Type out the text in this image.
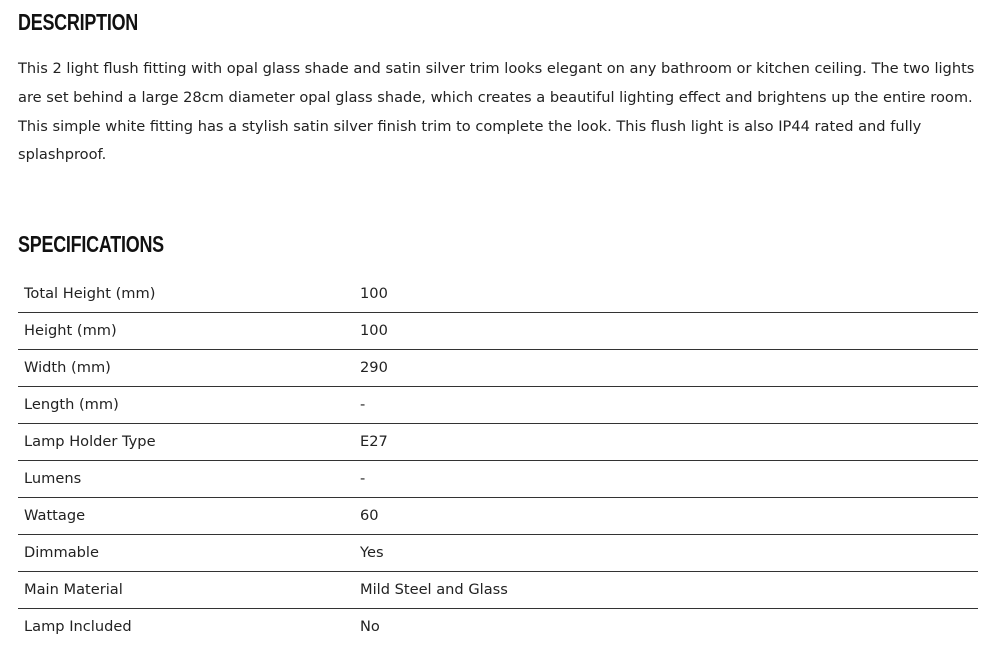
DESCRIPTION

This 2 light flush fitting with opal glass shade and satin silver trim looks elegant on any bathroom or kitchen ceiling. The two lights are set behind a large 28cm diameter opal glass shade, which creates a beautiful lighting effect and brightens up the entire room. This simple white fitting has a stylish satin silver finish trim to complete the look. This flush light is also IP44 rated and fully splashproof.

SPECIFICATIONS
Total Height (mm)	100
Height (mm)	100
Width (mm)	290
Length (mm)	-
Lamp Holder Type	E27
Lumens	-
Wattage	60
Dimmable	Yes
Main Material	Mild Steel and Glass
Lamp Included	No
